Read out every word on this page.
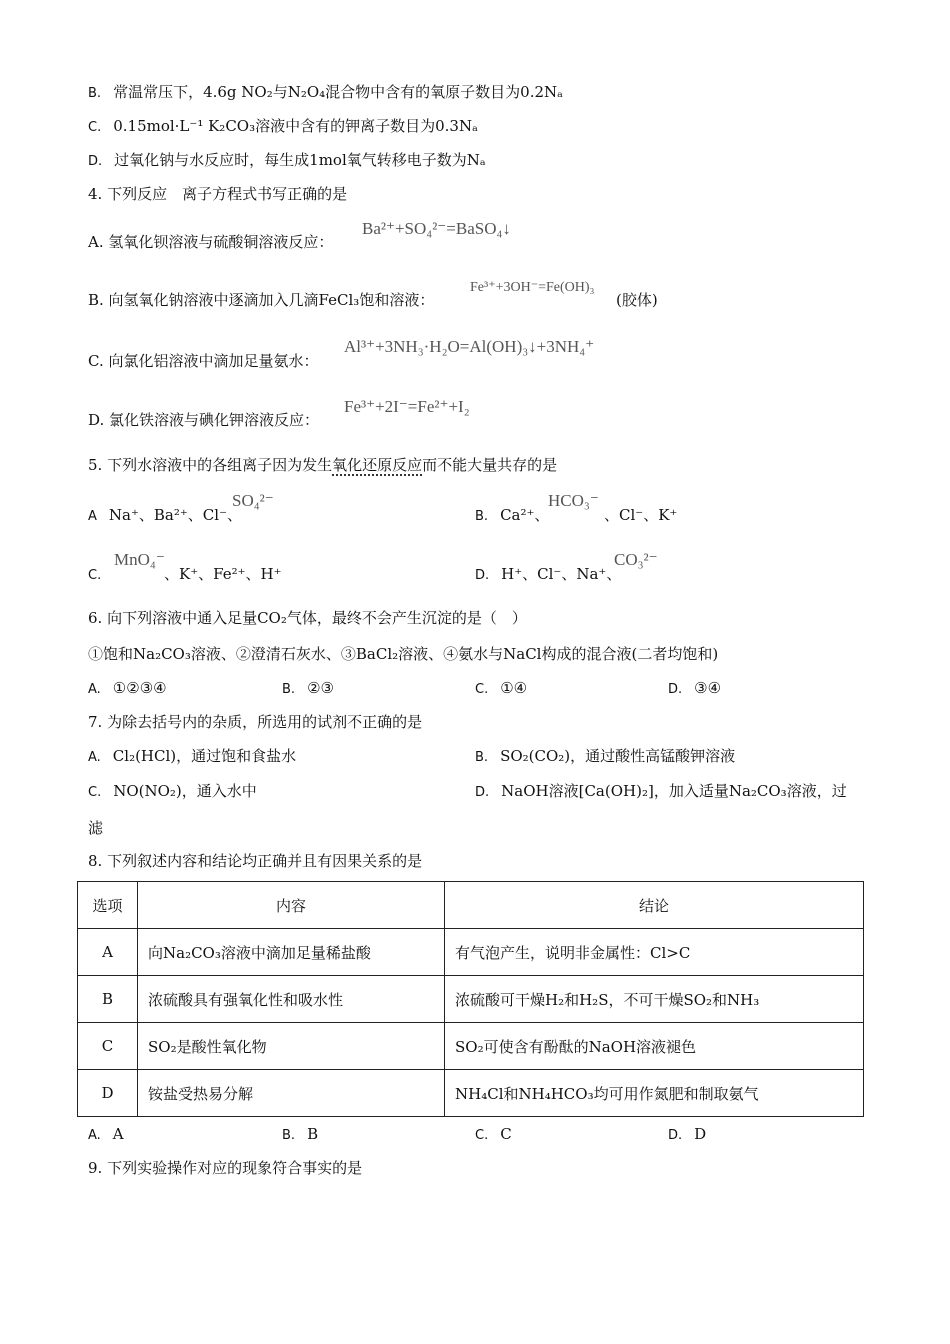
B. 常温常压下，4.6g NO₂与N₂O₄混合物中含有的氧原子数目为0.2Nₐ
C. 0.15mol·L⁻¹ K₂CO₃溶液中含有的钾离子数目为0.3Nₐ
D. 过氧化钠与水反应时，每生成1mol氧气转移电子数为Nₐ
4. 下列反应　离子方程式书写正确的是
A. 氢氧化钡溶液与硫酸铜溶液反应：
Ba²⁺+SO₄²⁻=BaSO₄↓
B. 向氢氧化钠溶液中逐滴加入几滴FeCl₃饱和溶液：
Fe³⁺+3OH⁻=Fe(OH)₃
(胶体)
C. 向氯化铝溶液中滴加足量氨水：
Al³⁺+3NH₃·H₂O=Al(OH)₃↓+3NH₄⁺
D. 氯化铁溶液与碘化钾溶液反应：
Fe³⁺+2I⁻=Fe²⁺+I₂
5. 下列水溶液中的各组离子因为发生氧化还原反应而不能大量共存的是
A Na⁺、Ba²⁺、Cl⁻、
SO₄²⁻
B. Ca²⁺、
HCO₃⁻
、Cl⁻、K⁺
C.
MnO₄⁻
、K⁺、Fe²⁺、H⁺	D. H⁺、Cl⁻、Na⁺、
CO₃²⁻
6. 向下列溶液中通入足量CO₂气体，最终不会产生沉淀的是（　）
①饱和Na₂CO₃溶液、②澄清石灰水、③BaCl₂溶液、④氨水与NaCl构成的混合液(二者均饱和)
A. ①②③④	B. ②③	C. ①④	D. ③④
7. 为除去括号内的杂质，所选用的试剂不正确的是
A. Cl₂(HCl)，通过饱和食盐水	B. SO₂(CO₂)，通过酸性高锰酸钾溶液
C. NO(NO₂)，通入水中	D. NaOH溶液[Ca(OH)₂]，加入适量Na₂CO₃溶液，过
滤
8. 下列叙述内容和结论均正确并且有因果关系的是
选项	内容	结论
A	向Na₂CO₃溶液中滴加足量稀盐酸	有气泡产生，说明非金属性：Cl>C
B	浓硫酸具有强氧化性和吸水性	浓硫酸可干燥H₂和H₂S，不可干燥SO₂和NH₃
C	SO₂是酸性氧化物	SO₂可使含有酚酞的NaOH溶液褪色
D	铵盐受热易分解	NH₄Cl和NH₄HCO₃均可用作氮肥和制取氨气
A. A	B. B	C. C	D. D
9. 下列实验操作对应的现象符合事实的是
